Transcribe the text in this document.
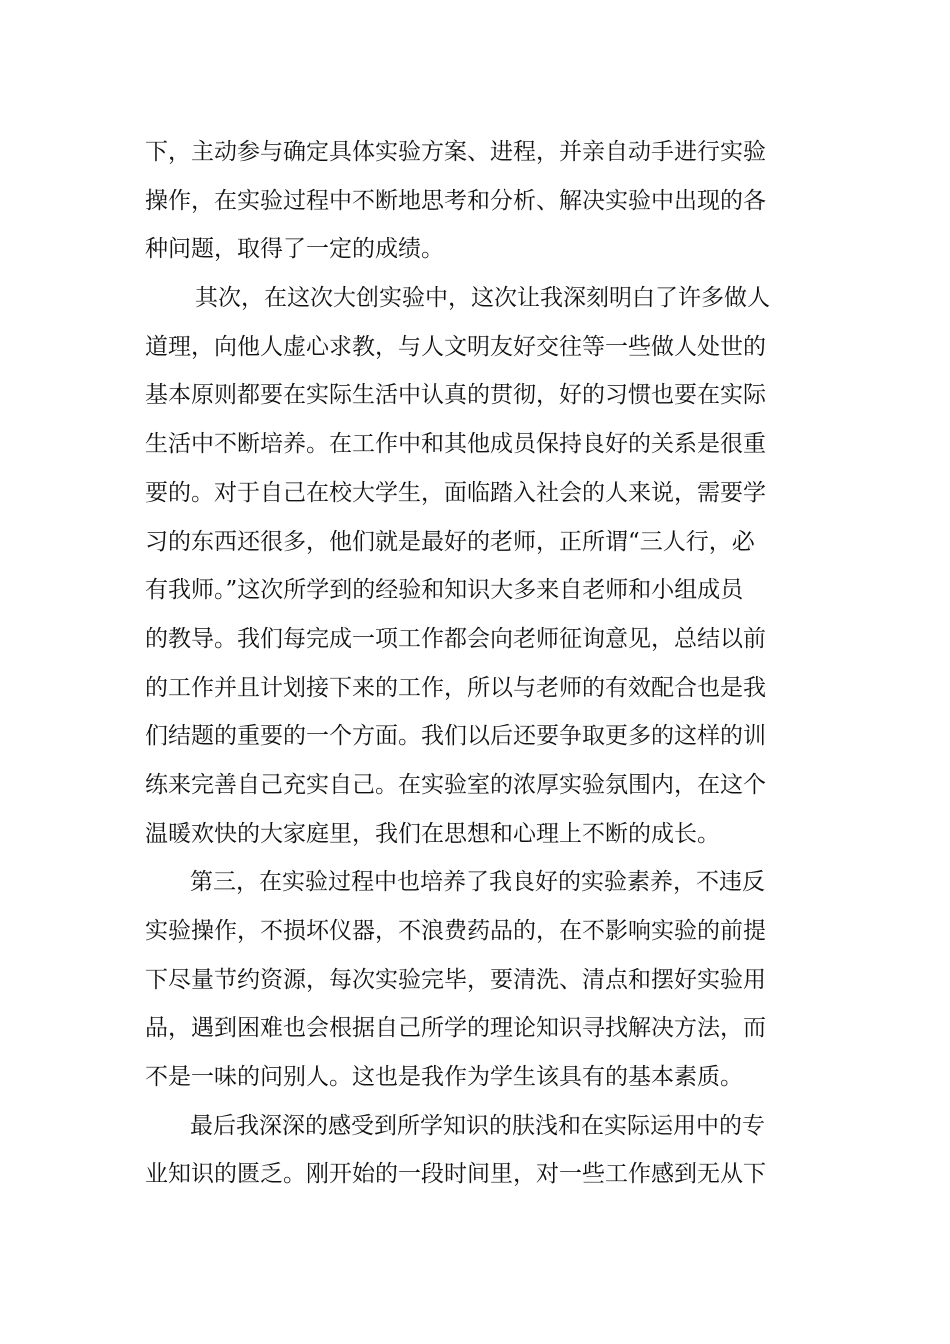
下，主动参与确定具体实验方案、进程，并亲自动手进行实验
操作，在实验过程中不断地思考和分析、解决实验中出现的各
种问题，取得了一定的成绩。
其次，在这次大创实验中，这次让我深刻明白了许多做人
道理，向他人虚心求教，与人文明友好交往等一些做人处世的
基本原则都要在实际生活中认真的贯彻，好的习惯也要在实际
生活中不断培养。在工作中和其他成员保持良好的关系是很重
要的。对于自己在校大学生，面临踏入社会的人来说，需要学
习的东西还很多，他们就是最好的老师，正所谓“三人行，必
有我师。”这次所学到的经验和知识大多来自老师和小组成员
的教导。我们每完成一项工作都会向老师征询意见，总结以前
的工作并且计划接下来的工作，所以与老师的有效配合也是我
们结题的重要的一个方面。我们以后还要争取更多的这样的训
练来完善自己充实自己。在实验室的浓厚实验氛围内，在这个
温暖欢快的大家庭里，我们在思想和心理上不断的成长。
第三，在实验过程中也培养了我良好的实验素养，不违反
实验操作，不损坏仪器，不浪费药品的，在不影响实验的前提
下尽量节约资源，每次实验完毕，要清洗、清点和摆好实验用
品，遇到困难也会根据自己所学的理论知识寻找解决方法，而
不是一味的问别人。这也是我作为学生该具有的基本素质。
最后我深深的感受到所学知识的肤浅和在实际运用中的专
业知识的匮乏。刚开始的一段时间里，对一些工作感到无从下
